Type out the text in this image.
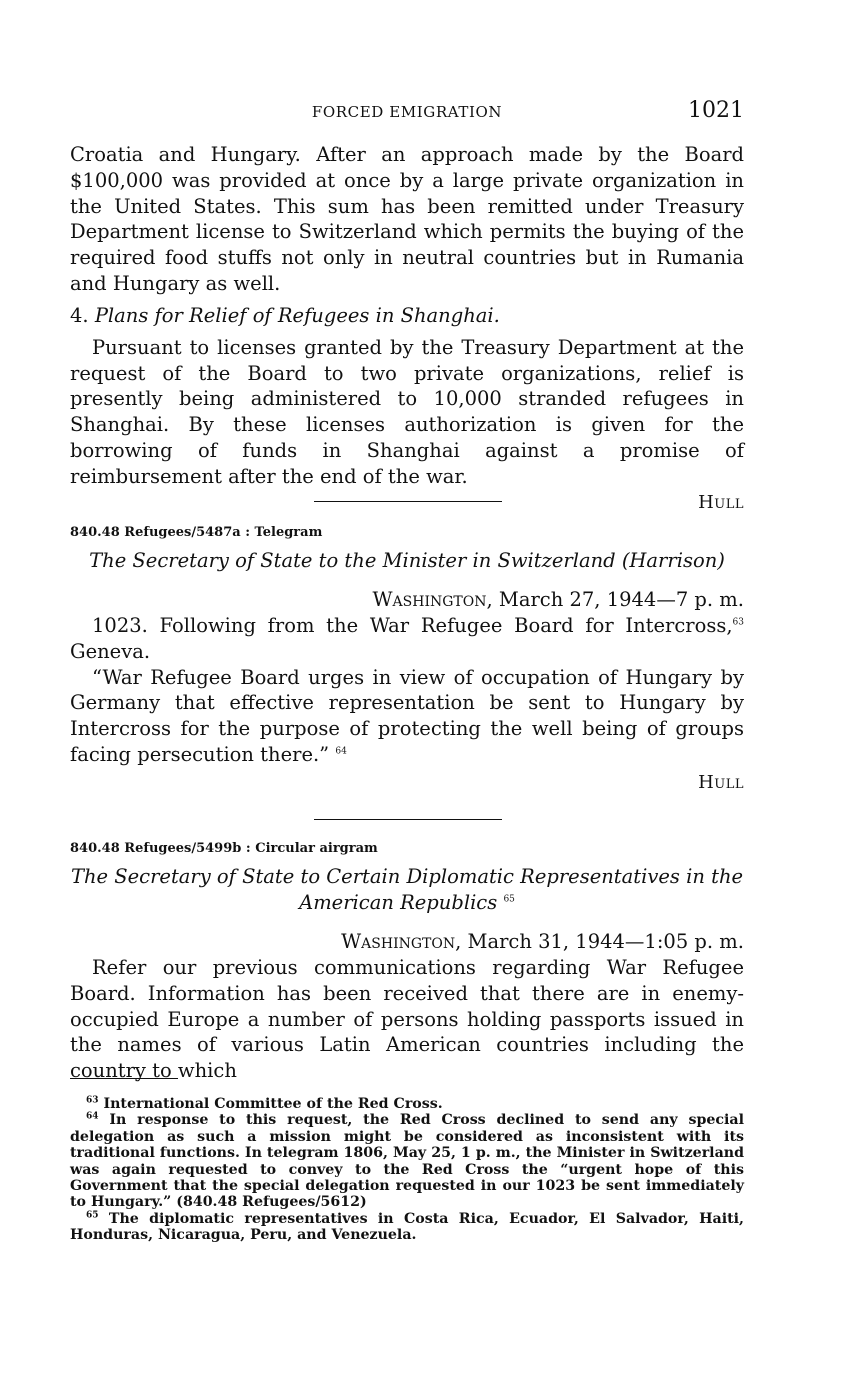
FORCED EMIGRATION	1021

Croatia and Hungary. After an approach made by the Board $100,000 was provided at once by a large private organization in the United States. This sum has been remitted under Treasury Department license to Switzerland which permits the buying of the required food stuffs not only in neutral countries but in Rumania and Hungary as well.

4. Plans for Relief of Refugees in Shanghai.

Pursuant to licenses granted by the Treasury Department at the request of the Board to two private organizations, relief is presently being administered to 10,000 stranded refugees in Shanghai. By these licenses authorization is given for the borrowing of funds in Shanghai against a promise of reimbursement after the end of the war.

Hull
840.48 Refugees/5487a : Telegram

The Secretary of State to the Minister in Switzerland (Harrison)

Washington, March 27, 1944—7 p. m.

1023. Following from the War Refugee Board for Intercross,$^{63}$ Geneva.

“War Refugee Board urges in view of occupation of Hungary by Germany that effective representation be sent to Hungary by Intercross for the purpose of protecting the well being of groups facing persecution there.” $^{64}$

Hull
840.48 Refugees/5499b : Circular airgram

The Secretary of State to Certain Diplomatic Representatives in the
American Republics $^{65}$

Washington, March 31, 1944—1:05 p. m.

Refer our previous communications regarding War Refugee Board. Information has been received that there are in enemy-occupied Europe a number of persons holding passports issued in the names of various Latin American countries including the country to which

$^{63}$ International Committee of the Red Cross.

$^{64}$ In response to this request, the Red Cross declined to send any special delegation as such a mission might be considered as inconsistent with its traditional functions. In telegram 1806, May 25, 1 p. m., the Minister in Switzerland was again requested to convey to the Red Cross the “urgent hope of this Government that the special delegation requested in our 1023 be sent immediately to Hungary.” (840.48 Refugees/5612)

$^{65}$ The diplomatic representatives in Costa Rica, Ecuador, El Salvador, Haiti, Honduras, Nicaragua, Peru, and Venezuela.
